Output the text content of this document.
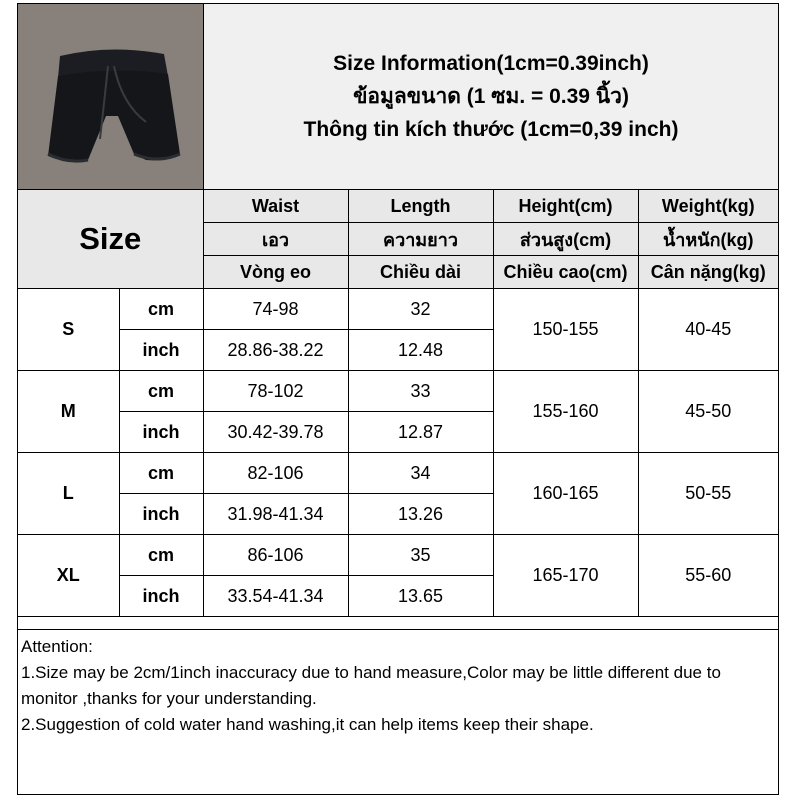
Size Information(1cm=0.39inch)
ข้อมูลขนาด (1 ซม. = 0.39 นิ้ว)
Thông tin kích thước (1cm=0,39 inch)
Size		Waist	Length	Height(cm)	Weight(kg)
		เอว	ความยาว	ส่วนสูง(cm)	น้ำหนัก(kg)
		Vòng eo	Chiều dài	Chiều cao(cm)	Cân nặng(kg)
S	cm	74-98	32	150-155	40-45
	inch	28.86-38.22	12.48		
M	cm	78-102	33	155-160	45-50
	inch	30.42-39.78	12.87		
L	cm	82-106	34	160-165	50-55
	inch	31.98-41.34	13.26		
XL	cm	86-106	35	165-170	55-60
	inch	33.54-41.34	13.65		
Attention:
1.Size may be 2cm/1inch inaccuracy due to hand measure,Color may be little different due to monitor ,thanks for your understanding.
2.Suggestion of cold water hand washing,it can help items keep their shape.
